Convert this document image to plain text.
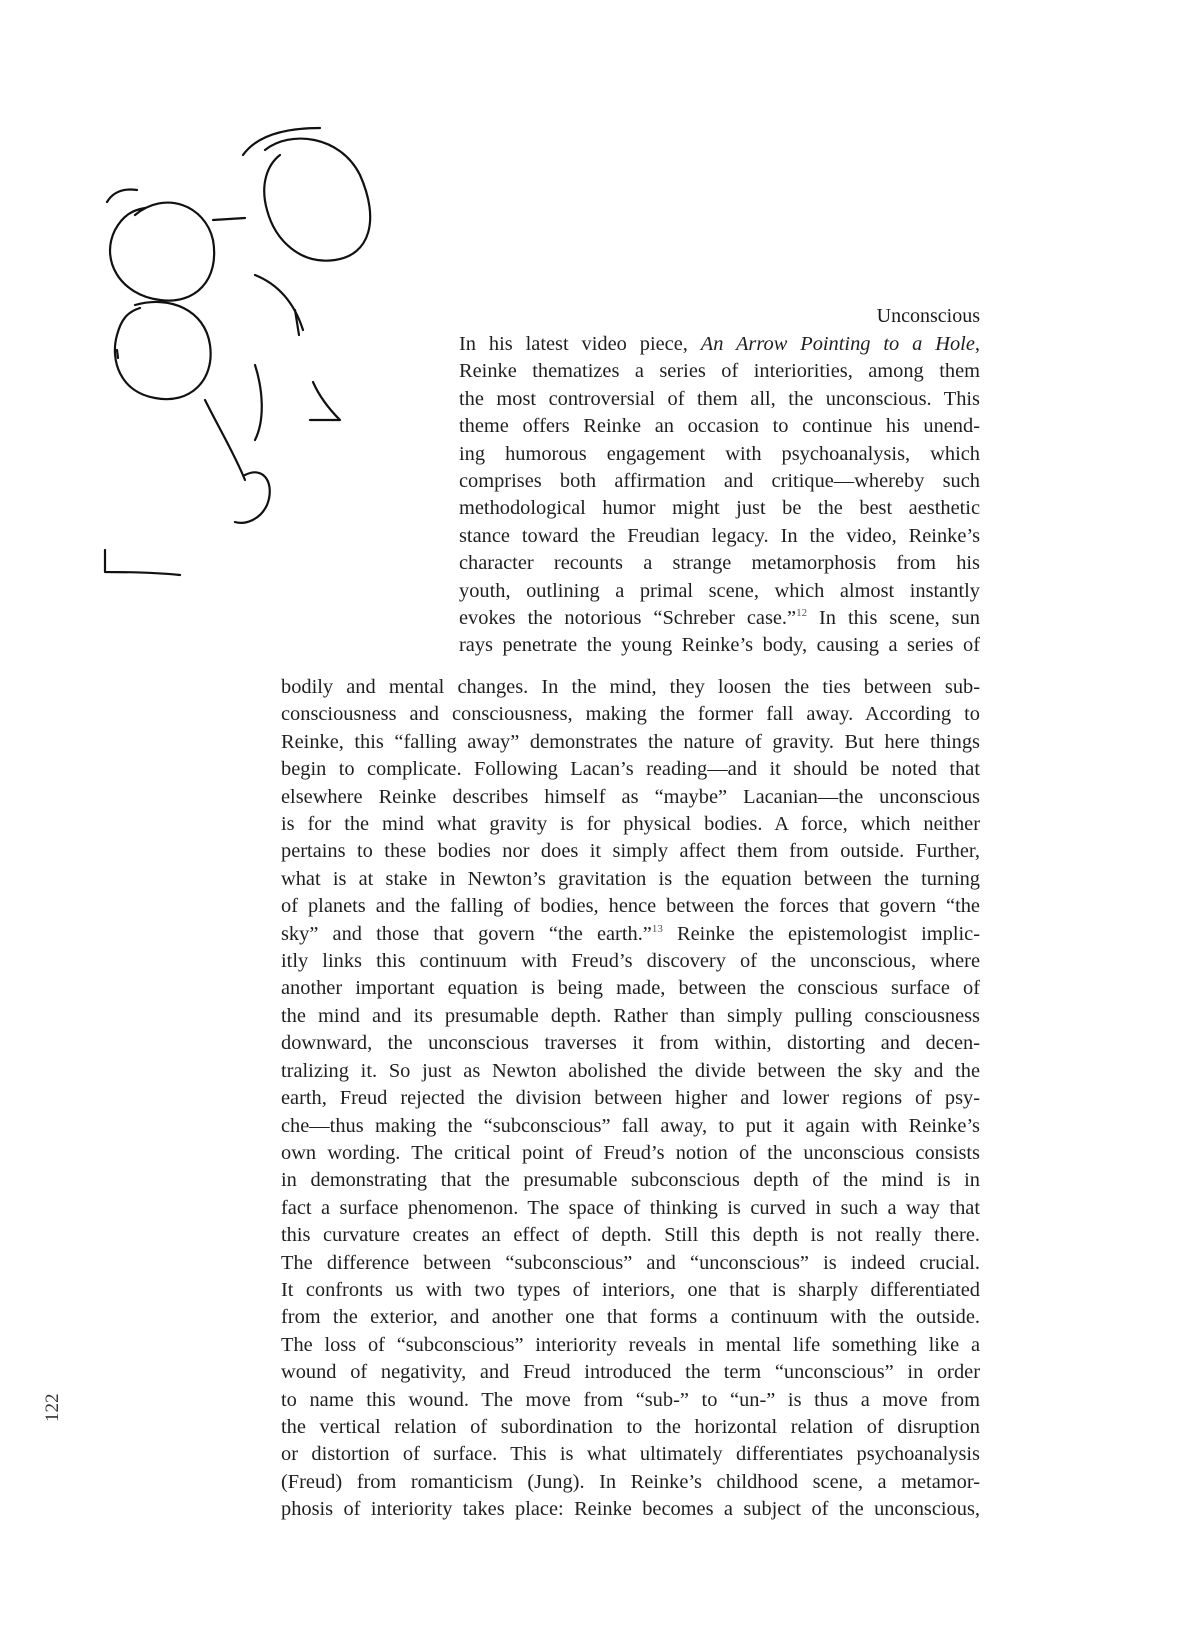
Unconscious
In his latest video piece, An Arrow Pointing to a Hole,
Reinke thematizes a series of interiorities, among them
the most controversial of them all, the unconscious. This
theme offers Reinke an occasion to continue his unend-
ing humorous engagement with psychoanalysis, which
comprises both affirmation and critique—whereby such
methodological humor might just be the best aesthetic
stance toward the Freudian legacy. In the video, Reinke’s
character recounts a strange metamorphosis from his
youth, outlining a primal scene, which almost instantly
evokes the notorious “Schreber case.”$^{12}$ In this scene, sun
rays penetrate the young Reinke’s body, causing a series of
bodily and mental changes. In the mind, they loosen the ties between sub-
consciousness and consciousness, making the former fall away. According to
Reinke, this “falling away” demonstrates the nature of gravity. But here things
begin to complicate. Following Lacan’s reading—and it should be noted that
elsewhere Reinke describes himself as “maybe” Lacanian—the unconscious
is for the mind what gravity is for physical bodies. A force, which neither
pertains to these bodies nor does it simply affect them from outside. Further,
what is at stake in Newton’s gravitation is the equation between the turning
of planets and the falling of bodies, hence between the forces that govern “the
sky” and those that govern “the earth.”$^{13}$ Reinke the epistemologist implic-
itly links this continuum with Freud’s discovery of the unconscious, where
another important equation is being made, between the conscious surface of
the mind and its presumable depth. Rather than simply pulling consciousness
downward, the unconscious traverses it from within, distorting and decen-
tralizing it. So just as Newton abolished the divide between the sky and the
earth, Freud rejected the division between higher and lower regions of psy-
che—thus making the “subconscious” fall away, to put it again with Reinke’s
own wording. The critical point of Freud’s notion of the unconscious consists
in demonstrating that the presumable subconscious depth of the mind is in
fact a surface phenomenon. The space of thinking is curved in such a way that
this curvature creates an effect of depth. Still this depth is not really there.
The difference between “subconscious” and “unconscious” is indeed crucial.
It confronts us with two types of interiors, one that is sharply differentiated
from the exterior, and another one that forms a continuum with the outside.
The loss of “subconscious” interiority reveals in mental life something like a
wound of negativity, and Freud introduced the term “unconscious” in order
to name this wound. The move from “sub-” to “un-” is thus a move from
the vertical relation of subordination to the horizontal relation of disruption
or distortion of surface. This is what ultimately differentiates psychoanalysis
(Freud) from romanticism (Jung). In Reinke’s childhood scene, a metamor-
phosis of interiority takes place: Reinke becomes a subject of the unconscious,
122
